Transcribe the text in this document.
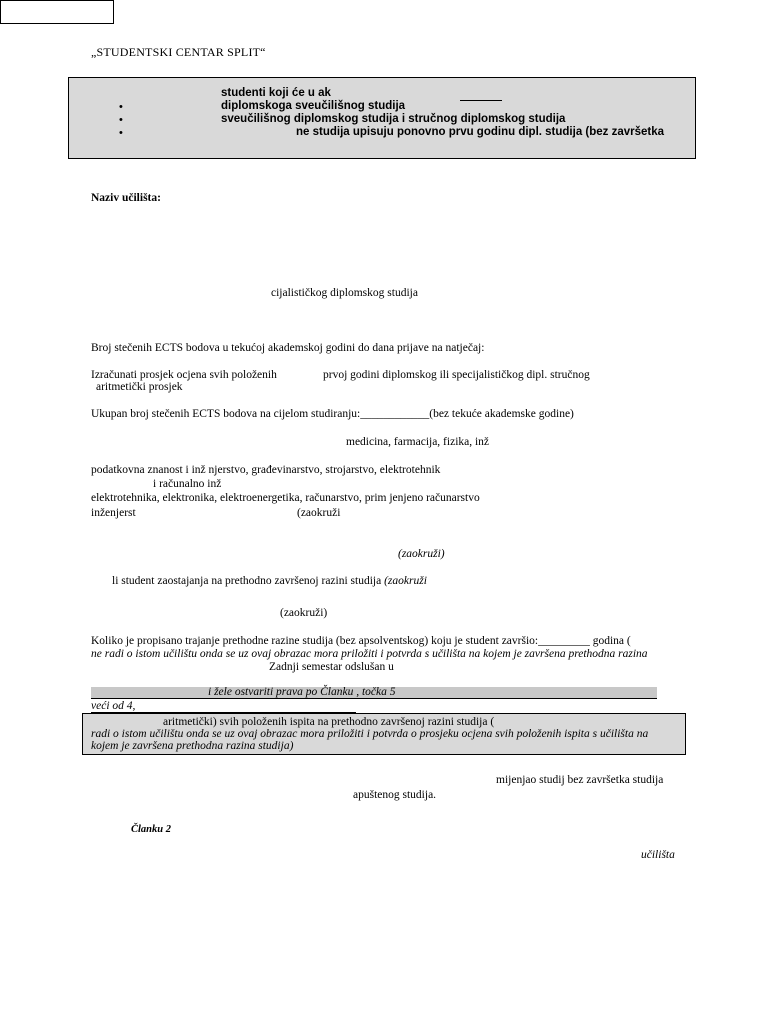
„STUDENTSKI CENTAR SPLIT“
studenti koji će u ak
•	diplomskoga sveučilišnog studija
•	sveučilišnog diplomskog studija i stručnog diplomskog studija
•	ne studija upisuju ponovno prvu godinu dipl. studija (bez završetka
Naziv učilišta:
cijalističkog diplomskog studija
Broj stečenih ECTS bodova u tekućoj akademskoj godini do dana prijave na natječaj:
Izračunati prosjek ocjena svih položenih	prvoj godini diplomskog ili specijalističkog dipl. stručnog
aritmetički prosjek
Ukupan broj stečenih ECTS bodova na cijelom studiranju:____________(bez tekuće akademske godine)
medicina, farmacija, fizika, inž
podatkovna znanost i inž njerstvo, građevinarstvo, strojarstvo, elektrotehnik
i računalno inž
elektrotehnika, elektronika, elektroenergetika, računarstvo, prim jenjeno računarstvo
inženjerst	(zaokruži
(zaokruži)
li student zaostajanja na prethodno završenoj razini studija (zaokruži
(zaokruži)
Koliko je propisano trajanje prethodne razine studija (bez apsolventskog) koju je student završio:_________ godina (
ne radi o istom učilištu onda se uz ovaj obrazac mora priložiti i potvrda s učilišta na kojem je završena prethodna razina
Zadnji semestar odslušan u
i žele ostvariti prava po Članku , točka 5
veći od 4,
aritmetički) svih položenih ispita na prethodno završenoj razini studija (
radi o istom učilištu onda se uz ovaj obrazac mora priložiti i potvrda o prosjeku ocjena svih položenih ispita s učilišta na
kojem je završena prethodna razina studija)
mijenjao studij bez završetka studija
apuštenog studija.
Članku 2
učilišta
